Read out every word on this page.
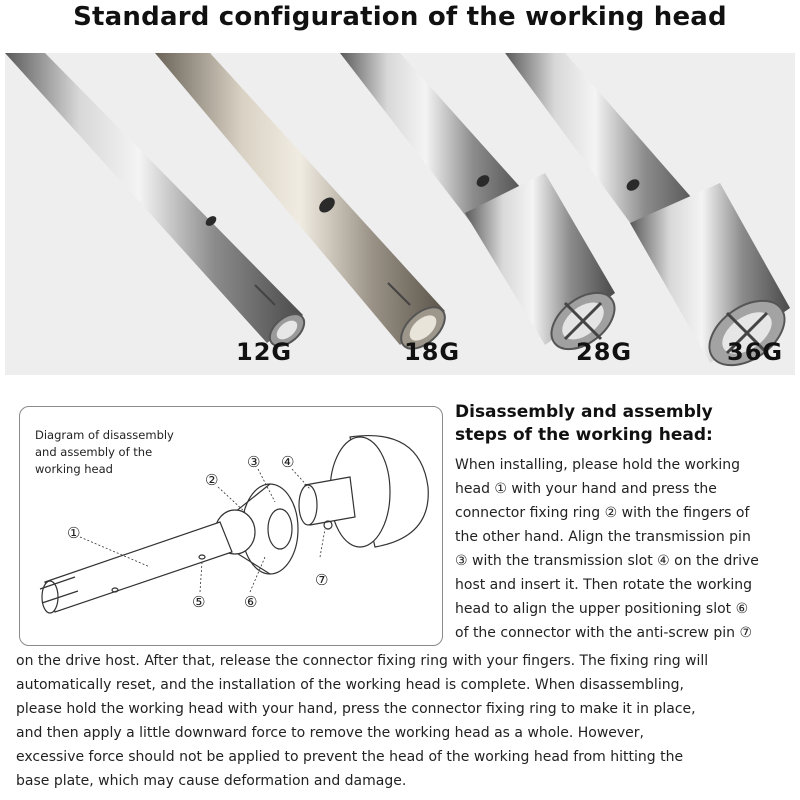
Standard configuration of the working head
12G	18G	28G	36G
Diagram of disassembly
and assembly of the
working head
①
②
③ ④
⑤	⑥
⑦
Disassembly and assembly
steps of the working head:
When installing, please hold the working
head ① with your hand and press the
connector fixing ring ② with the fingers of
the other hand. Align the transmission pin
③ with the transmission slot ④ on the drive
host and insert it. Then rotate the working
head to align the upper positioning slot ⑥
of the connector with the anti-screw pin ⑦
on the drive host. After that, release the connector fixing ring with your fingers. The fixing ring will
automatically reset, and the installation of the working head is complete. When disassembling,
please hold the working head with your hand, press the connector fixing ring to make it in place,
and then apply a little downward force to remove the working head as a whole. However,
excessive force should not be applied to prevent the head of the working head from hitting the
base plate, which may cause deformation and damage.
